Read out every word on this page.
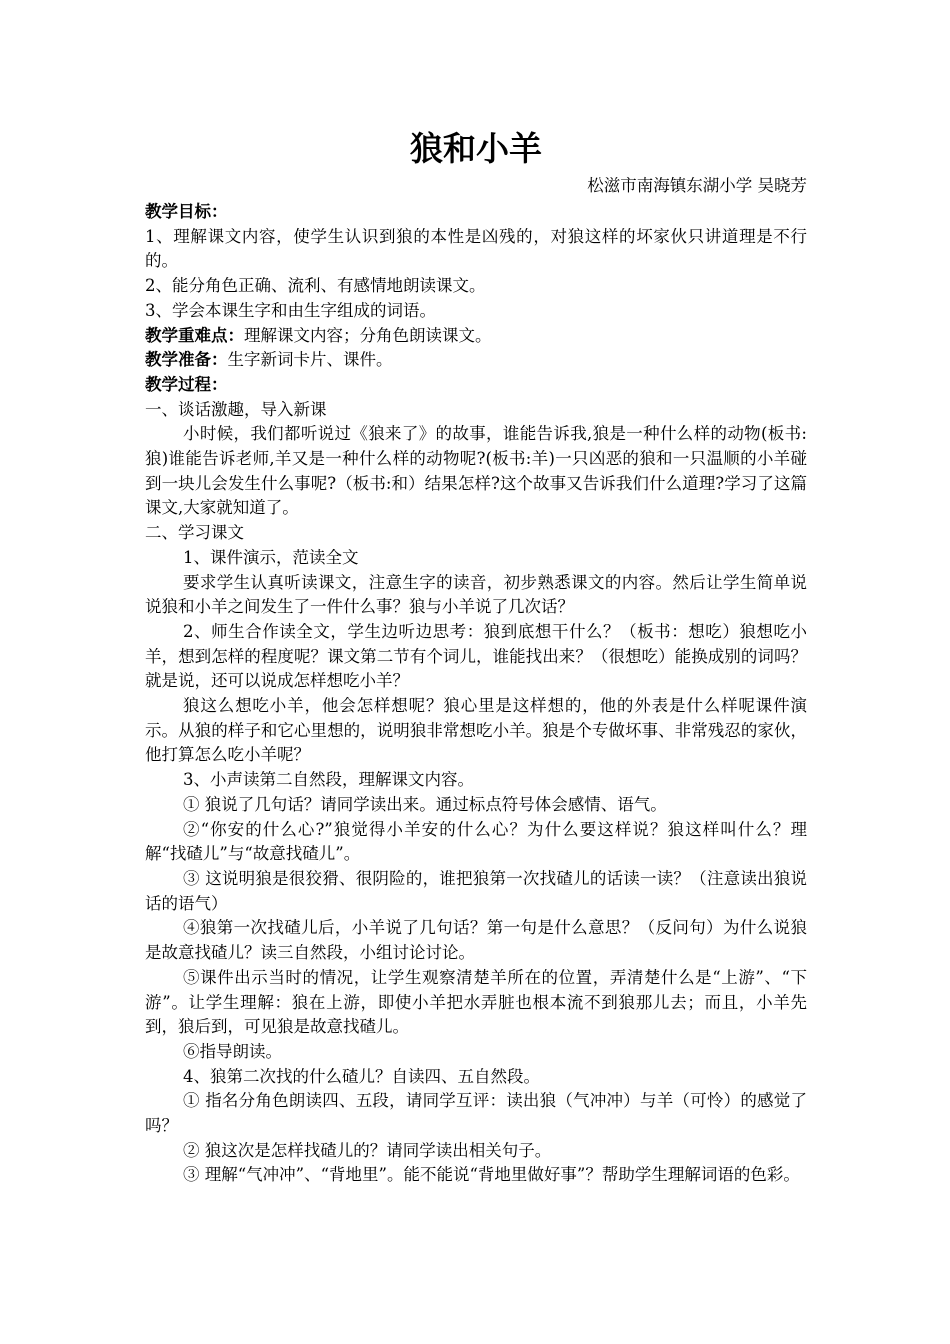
狼和小羊
松滋市南海镇东湖小学 吴晓芳

教学目标：

1、理解课文内容，使学生认识到狼的本性是凶残的，对狼这样的坏家伙只讲道理是不行的。

2、能分角色正确、流利、有感情地朗读课文。

3、学会本课生字和由生字组成的词语。

教学重难点：理解课文内容；分角色朗读课文。

教学准备：生字新词卡片、课件。

教学过程：

一、谈话激趣，导入新课

小时候，我们都听说过《狼来了》的故事，谁能告诉我,狼是一种什么样的动物(板书:狼)谁能告诉老师,羊又是一种什么样的动物呢?(板书:羊)一只凶恶的狼和一只温顺的小羊碰到一块儿会发生什么事呢?（板书:和）结果怎样?这个故事又告诉我们什么道理?学习了这篇课文,大家就知道了。

二、学习课文

1、课件演示，范读全文

要求学生认真听读课文，注意生字的读音，初步熟悉课文的内容。然后让学生简单说说狼和小羊之间发生了一件什么事？狼与小羊说了几次话？

2、师生合作读全文，学生边听边思考：狼到底想干什么？（板书：想吃）狼想吃小羊，想到怎样的程度呢？课文第二节有个词儿，谁能找出来？（很想吃）能换成别的词吗？就是说，还可以说成怎样想吃小羊？

狼这么想吃小羊，他会怎样想呢？狼心里是这样想的，他的外表是什么样呢课件演示。从狼的样子和它心里想的，说明狼非常想吃小羊。狼是个专做坏事、非常残忍的家伙，他打算怎么吃小羊呢？

3、小声读第二自然段，理解课文内容。

① 狼说了几句话？请同学读出来。通过标点符号体会感情、语气。

②“你安的什么心?”狼觉得小羊安的什么心？为什么要这样说？狼这样叫什么？理解“找碴儿”与“故意找碴儿”。

③ 这说明狼是很狡猾、很阴险的，谁把狼第一次找碴儿的话读一读？（注意读出狼说话的语气）

④狼第一次找碴儿后，小羊说了几句话？第一句是什么意思？（反问句）为什么说狼是故意找碴儿？读三自然段，小组讨论讨论。

⑤课件出示当时的情况，让学生观察清楚羊所在的位置，弄清楚什么是“上游”、“下游”。让学生理解：狼在上游，即使小羊把水弄脏也根本流不到狼那儿去；而且，小羊先到，狼后到，可见狼是故意找碴儿。

⑥指导朗读。

4、狼第二次找的什么碴儿？自读四、五自然段。

① 指名分角色朗读四、五段，请同学互评：读出狼（气冲冲）与羊（可怜）的感觉了吗？

② 狼这次是怎样找碴儿的？请同学读出相关句子。

③ 理解“气冲冲”、“背地里”。能不能说“背地里做好事”？帮助学生理解词语的色彩。
